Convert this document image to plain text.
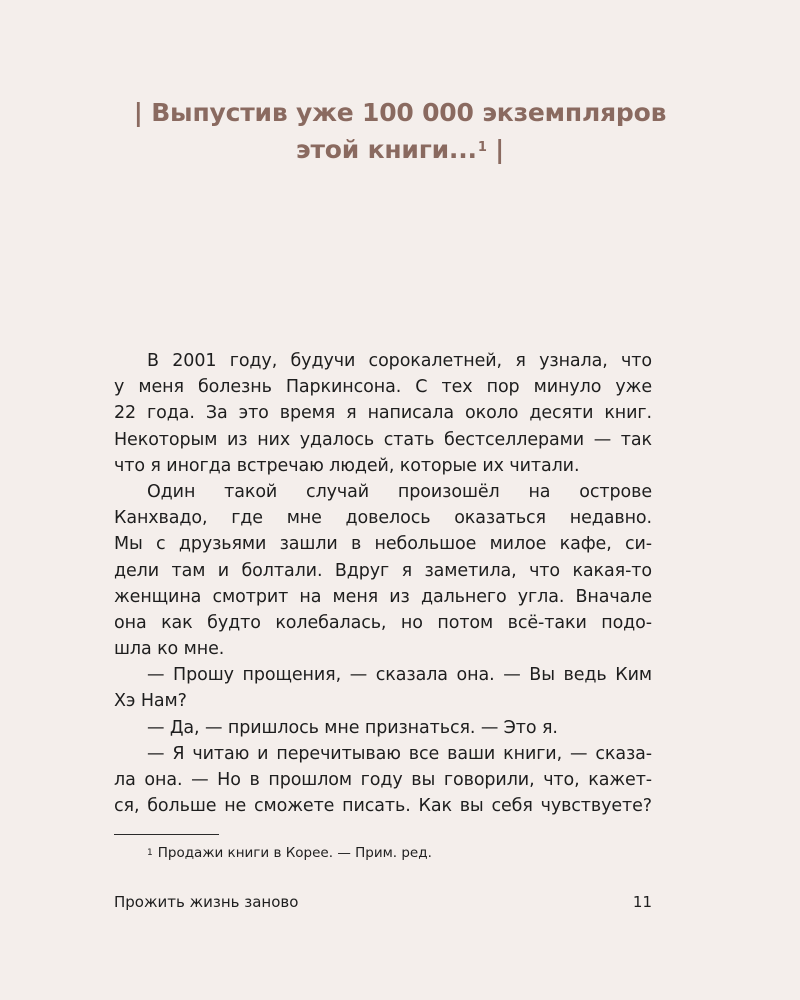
| Выпустив уже 100 000 экземпляров
этой книги...$^1$ |
В 2001 году, будучи сорокалетней, я узнала, что
у меня болезнь Паркинсона. С тех пор минуло уже
22 года. За это время я написала около десяти книг.
Некоторым из них удалось стать бестселлерами — так
что я иногда встречаю людей, которые их читали.
Один такой случай произошёл на острове
Канхвадо, где мне довелось оказаться недавно.
Мы с друзьями зашли в небольшое милое кафе, си-
дели там и болтали. Вдруг я заметила, что какая-то
женщина смотрит на меня из дальнего угла. Вначале
она как будто колебалась, но потом всё-таки подо-
шла ко мне.
— Прошу прощения, — сказала она. — Вы ведь Ким
Хэ Нам?
— Да, — пришлось мне признаться. — Это я.
— Я читаю и перечитываю все ваши книги, — сказа-
ла она. — Но в прошлом году вы говорили, что, кажет-
ся, больше не сможете писать. Как вы себя чувствуете?
$^1$ Продажи книги в Корее. — Прим. ред.
Прожить жизнь заново	11
